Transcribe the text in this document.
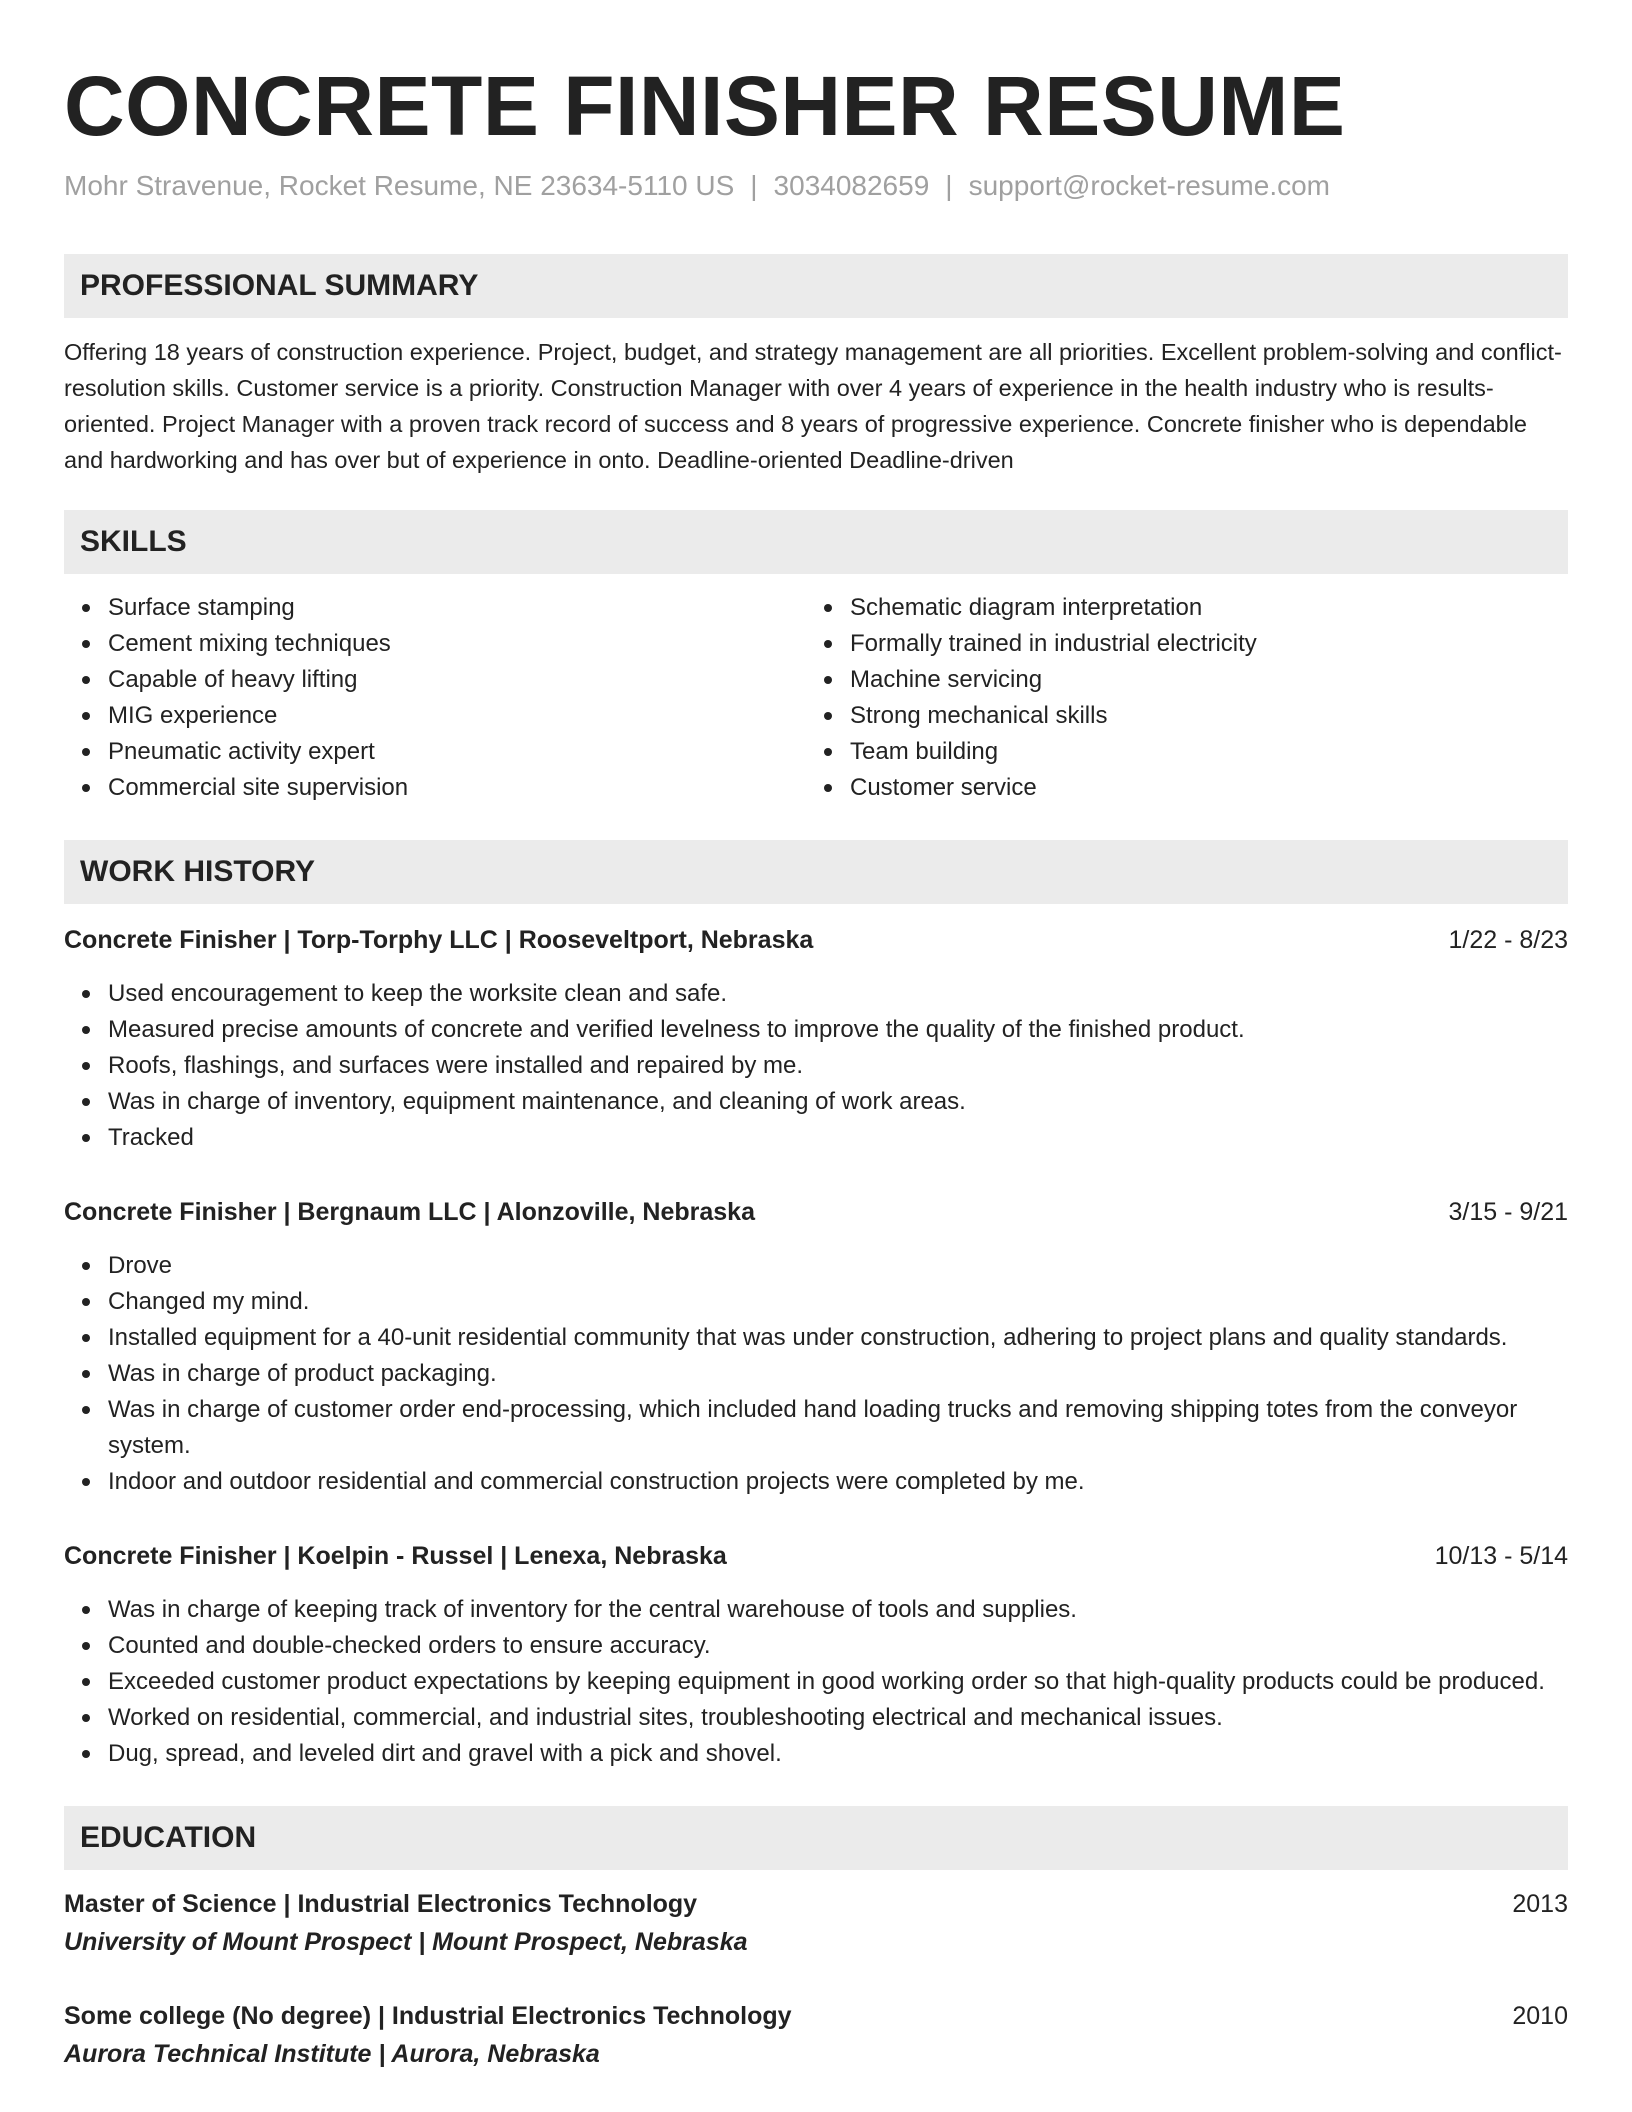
CONCRETE FINISHER RESUME
Mohr Stravenue, Rocket Resume, NE 23634-5110 US | 3034082659 | support@rocket-resume.com
PROFESSIONAL SUMMARY
Offering 18 years of construction experience. Project, budget, and strategy management are all priorities. Excellent problem-solving and conflict-resolution skills. Customer service is a priority. Construction Manager with over 4 years of experience in the health industry who is results-oriented. Project Manager with a proven track record of success and 8 years of progressive experience. Concrete finisher who is dependable and hardworking and has over but of experience in onto. Deadline-oriented Deadline-driven
SKILLS
Surface stamping
Cement mixing techniques
Capable of heavy lifting
MIG experience
Pneumatic activity expert
Commercial site supervision
Schematic diagram interpretation
Formally trained in industrial electricity
Machine servicing
Strong mechanical skills
Team building
Customer service
WORK HISTORY
Concrete Finisher | Torp-Torphy LLC | Rooseveltport, Nebraska	1/22 - 8/23
Used encouragement to keep the worksite clean and safe.
Measured precise amounts of concrete and verified levelness to improve the quality of the finished product.
Roofs, flashings, and surfaces were installed and repaired by me.
Was in charge of inventory, equipment maintenance, and cleaning of work areas.
Tracked
Concrete Finisher | Bergnaum LLC | Alonzoville, Nebraska	3/15 - 9/21
Drove
Changed my mind.
Installed equipment for a 40-unit residential community that was under construction, adhering to project plans and quality standards.
Was in charge of product packaging.
Was in charge of customer order end-processing, which included hand loading trucks and removing shipping totes from the conveyor system.
Indoor and outdoor residential and commercial construction projects were completed by me.
Concrete Finisher | Koelpin - Russel | Lenexa, Nebraska	10/13 - 5/14
Was in charge of keeping track of inventory for the central warehouse of tools and supplies.
Counted and double-checked orders to ensure accuracy.
Exceeded customer product expectations by keeping equipment in good working order so that high-quality products could be produced.
Worked on residential, commercial, and industrial sites, troubleshooting electrical and mechanical issues.
Dug, spread, and leveled dirt and gravel with a pick and shovel.
EDUCATION
Master of Science | Industrial Electronics Technology	2013
University of Mount Prospect | Mount Prospect, Nebraska
Some college (No degree) | Industrial Electronics Technology	2010
Aurora Technical Institute | Aurora, Nebraska
